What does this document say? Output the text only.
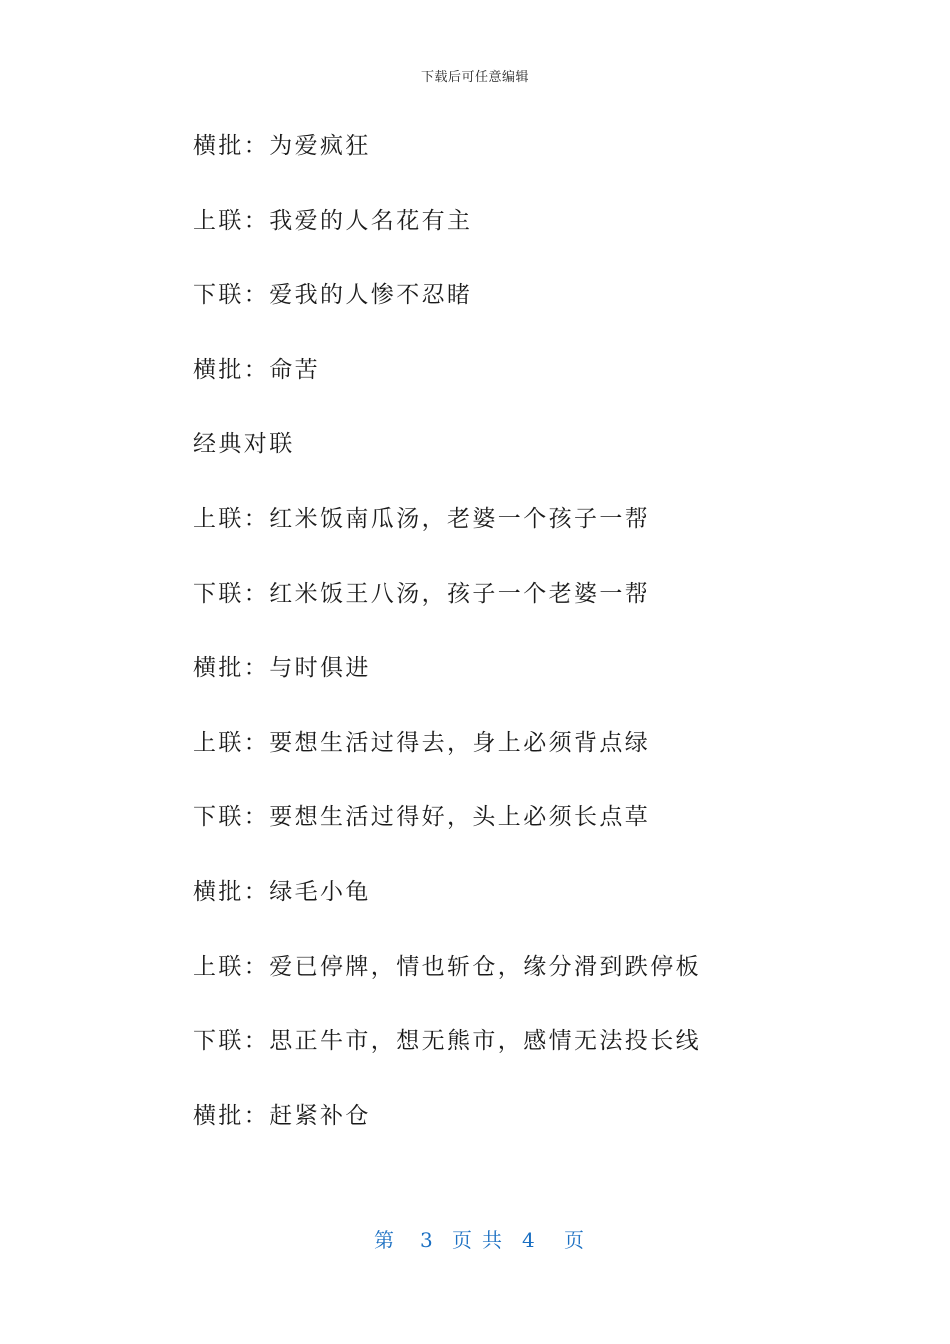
下载后可任意编辑
横批：为爱疯狂
上联：我爱的人名花有主
下联：爱我的人惨不忍睹
横批：命苦
经典对联
上联：红米饭南瓜汤，老婆一个孩子一帮
下联：红米饭王八汤，孩子一个老婆一帮
横批：与时俱进
上联：要想生活过得去，身上必须背点绿
下联：要想生活过得好，头上必须长点草
横批：绿毛小龟
上联：爱已停牌，情也斩仓，缘分滑到跌停板
下联：思正牛市，想无熊市，感情无法投长线
横批：赶紧补仓
第 3 页 共 4 页
